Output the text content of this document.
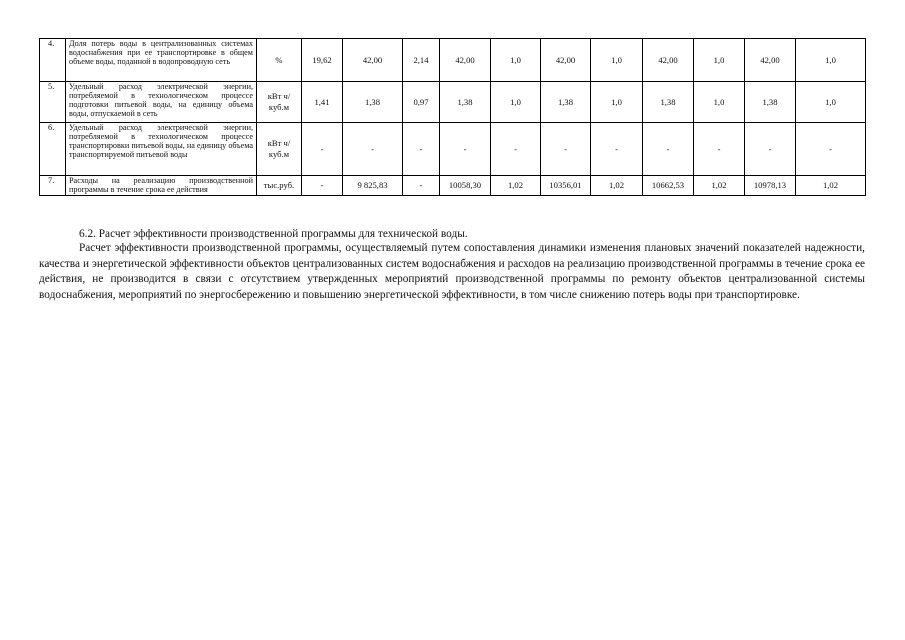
4.	Доля потерь воды в централизованных системах водоснабжения при ее транспортировке в общем объеме воды, поданной в водопроводную сеть	%	19,62	42,00	2,14	42,00	1,0	42,00	1,0	42,00	1,0	42,00	1,0
5.	Удельный расход электрической энергии, потребляемой в технологическом процессе подготовки питьевой воды, на единицу объема воды, отпускаемой в сеть	кВт ч/куб.м	1,41	1,38	0,97	1,38	1,0	1,38	1,0	1,38	1,0	1,38	1,0
6.	Удельный расход электрической энергии, потребляемой в технологическом процессе транспортировки питьевой воды, на единицу объема транспортируемой питьевой воды	кВт ч/куб.м	-	-	-	-	-	-	-	-	-	-	-
7.	Расходы на реализацию производственной программы в течение срока ее действия	тыс.руб.	-	9 825,83	-	10058,30	1,02	10356,01	1,02	10662,53	1,02	10978,13	1,02
6.2. Расчет эффективности производственной программы для технической воды.
Расчет эффективности производственной программы, осуществляемый путем сопоставления динамики изменения плановых значений показателей надежности, качества и энергетической эффективности объектов централизованных систем водоснабжения и расходов на реализацию производственной программы в течение срока ее действия, не производится в связи с отсутствием утвержденных мероприятий производственной программы по ремонту объектов централизованной системы водоснабжения, мероприятий по энергосбережению и повышению энергетической эффективности, в том числе снижению потерь воды при транспортировке.
